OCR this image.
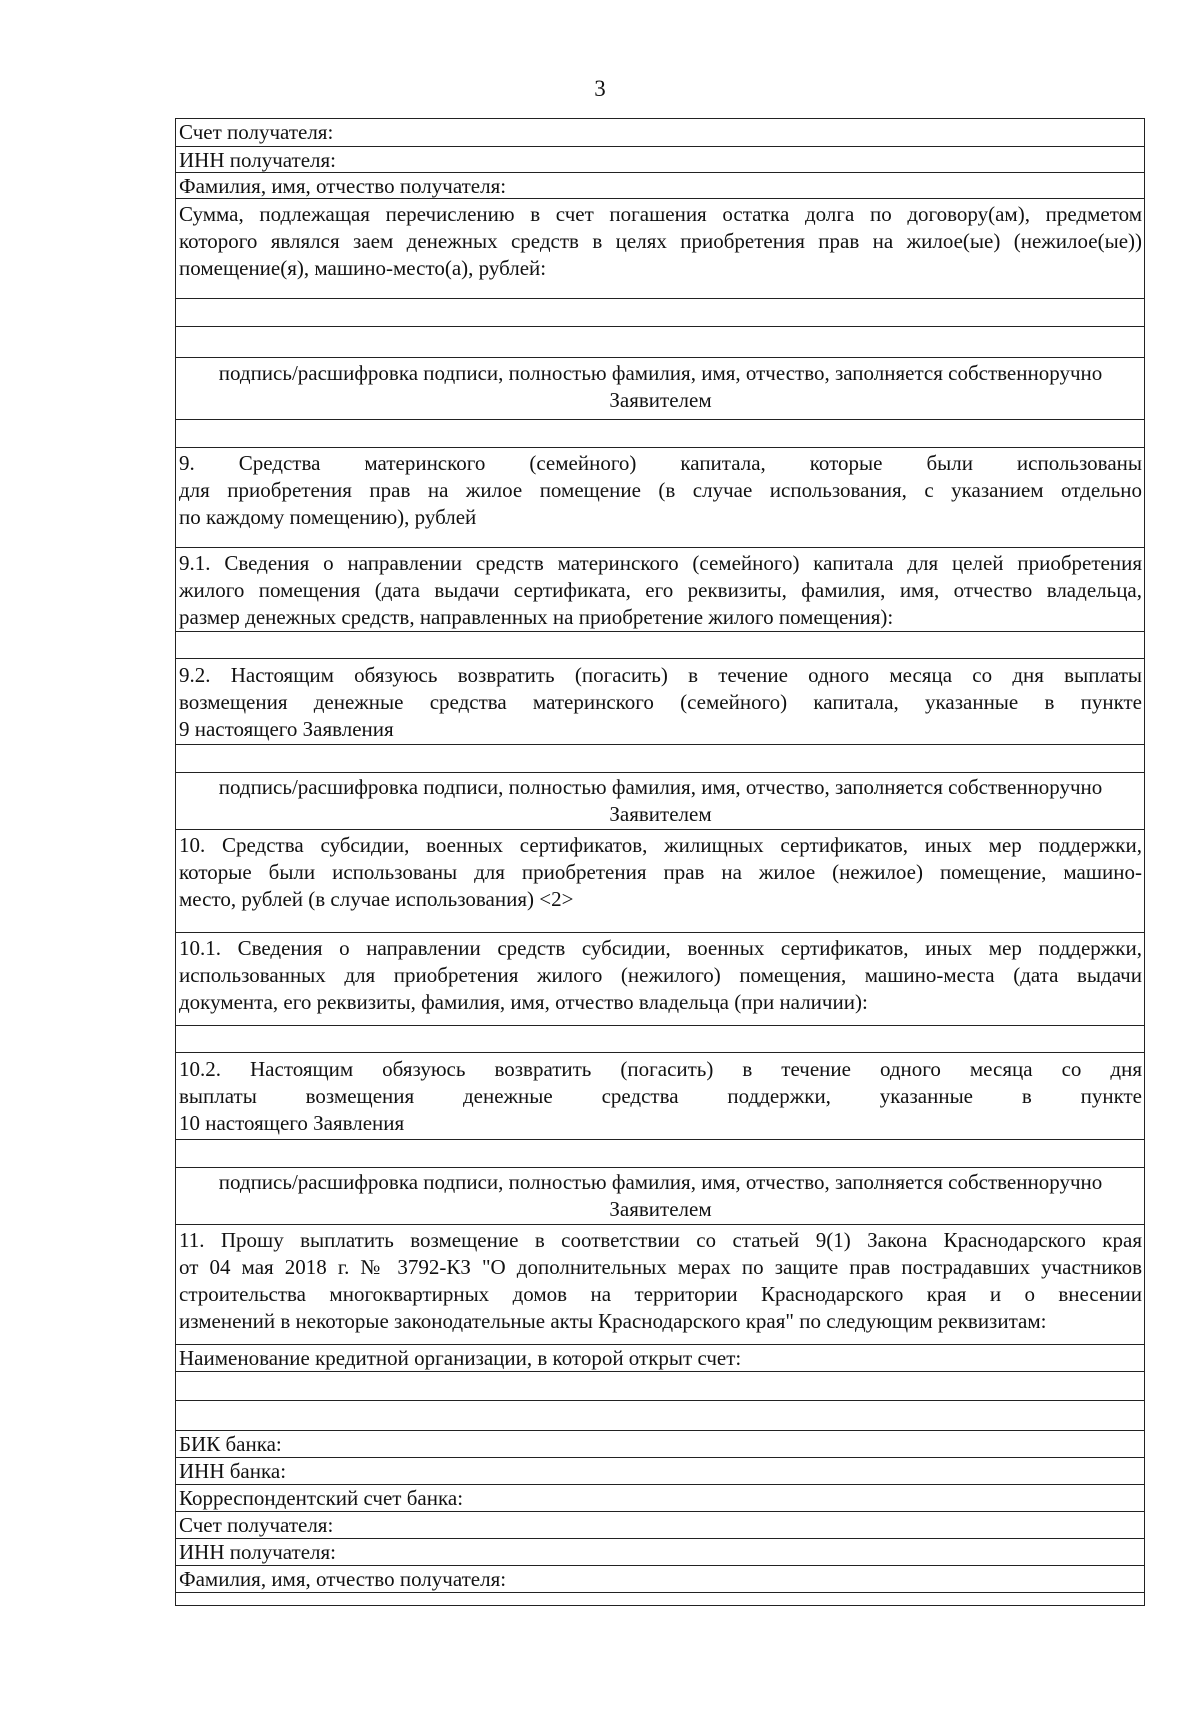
3
Счет получателя:
ИНН получателя:
Фамилия, имя, отчество получателя:
Сумма, подлежащая перечислению в счет погашения остатка долга по договору(ам), предметом
которого являлся заем денежных средств в целях приобретения прав на жилое(ые) (нежилое(ые))
помещение(я), машино-место(а), рублей:
подпись/расшифровка подписи, полностью фамилия, имя, отчество, заполняется собственноручно
Заявителем
9. Средства материнского (семейного) капитала, которые были использованы
для приобретения прав на жилое помещение (в случае использования, с указанием отдельно
по каждому помещению), рублей
9.1. Сведения о направлении средств материнского (семейного) капитала для целей приобретения
жилого помещения (дата выдачи сертификата, его реквизиты, фамилия, имя, отчество владельца,
размер денежных средств, направленных на приобретение жилого помещения):
9.2. Настоящим обязуюсь возвратить (погасить) в течение одного месяца со дня выплаты
возмещения денежные средства материнского (семейного) капитала, указанные в пункте
9 настоящего Заявления
подпись/расшифровка подписи, полностью фамилия, имя, отчество, заполняется собственноручно
Заявителем
10. Средства субсидии, военных сертификатов, жилищных сертификатов, иных мер поддержки,
которые были использованы для приобретения прав на жилое (нежилое) помещение, машино-
место, рублей (в случае использования) <2>
10.1. Сведения о направлении средств субсидии, военных сертификатов, иных мер поддержки,
использованных для приобретения жилого (нежилого) помещения, машино-места (дата выдачи
документа, его реквизиты, фамилия, имя, отчество владельца (при наличии):
10.2. Настоящим обязуюсь возвратить (погасить) в течение одного месяца со дня
выплаты возмещения денежные средства поддержки, указанные в пункте
10 настоящего Заявления
подпись/расшифровка подписи, полностью фамилия, имя, отчество, заполняется собственноручно
Заявителем
11. Прошу выплатить возмещение в соответствии со статьей 9(1) Закона Краснодарского края
от 04 мая 2018 г. № 3792-КЗ "О дополнительных мерах по защите прав пострадавших участников
строительства многоквартирных домов на территории Краснодарского края и о внесении
изменений в некоторые законодательные акты Краснодарского края" по следующим реквизитам:
Наименование кредитной организации, в которой открыт счет:
БИК банка:
ИНН банка:
Корреспондентский счет банка:
Счет получателя:
ИНН получателя:
Фамилия, имя, отчество получателя:
